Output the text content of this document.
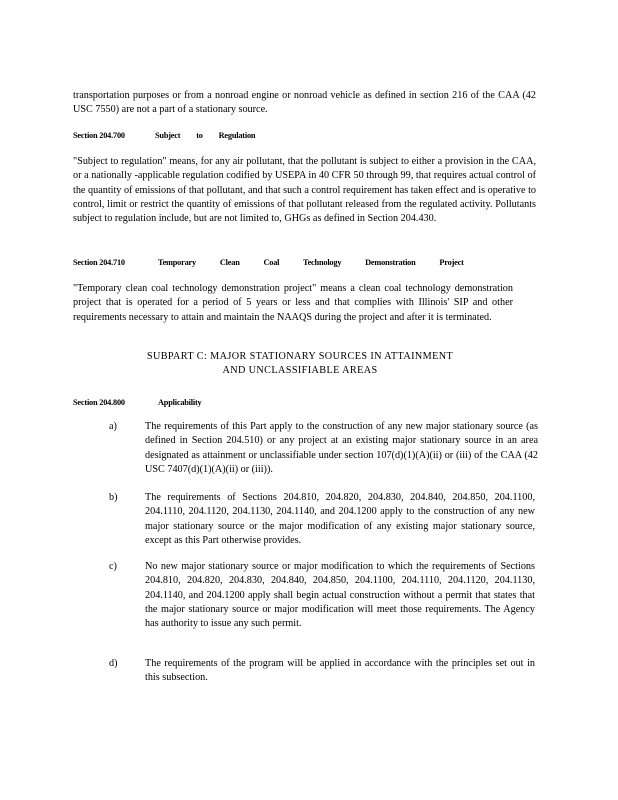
transportation purposes or from a nonroad engine or nonroad vehicle as defined in section 216 of the CAA (42 USC 7550) are not a part of a stationary source.

Section 204.700	Subject to Regulation

"Subject to regulation" means, for any air pollutant, that the pollutant is subject to either a provision in the CAA, or a nationally -applicable regulation codified by USEPA in 40 CFR 50 through 99, that requires actual control of the quantity of emissions of that pollutant, and that such a control requirement has taken effect and is operative to control, limit or restrict the quantity of emissions of that pollutant released from the regulated activity. Pollutants subject to regulation include, but are not limited to, GHGs as defined in Section 204.430.

Section 204.710	Temporary Clean Coal Technology Demonstration Project

"Temporary clean coal technology demonstration project" means a clean coal technology demonstration project that is operated for a period of 5 years or less and that complies with Illinois' SIP and other requirements necessary to attain and maintain the NAAQS during the project and after it is terminated.

SUBPART C: MAJOR STATIONARY SOURCES IN ATTAINMENT
AND UNCLASSIFIABLE AREAS
Section 204.800	Applicability
a)	The requirements of this Part apply to the construction of any new major stationary source (as defined in Section 204.510) or any project at an existing major stationary source in an area designated as attainment or unclassifiable under section 107(d)(1)(A)(ii) or (iii) of the CAA (42 USC 7407(d)(1)(A)(ii) or (iii)).

b)	The requirements of Sections 204.810, 204.820, 204.830, 204.840, 204.850, 204.1100, 204.1110, 204.1120, 204.1130, 204.1140, and 204.1200 apply to the construction of any new major stationary source or the major modification of any existing major stationary source, except as this Part otherwise provides.

c)	No new major stationary source or major modification to which the requirements of Sections 204.810, 204.820, 204.830, 204.840, 204.850, 204.1100, 204.1110, 204.1120, 204.1130, 204.1140, and 204.1200 apply shall begin actual construction without a permit that states that the major stationary source or major modification will meet those requirements. The Agency has authority to issue any such permit.

d)	The requirements of the program will be applied in accordance with the principles set out in this subsection.
